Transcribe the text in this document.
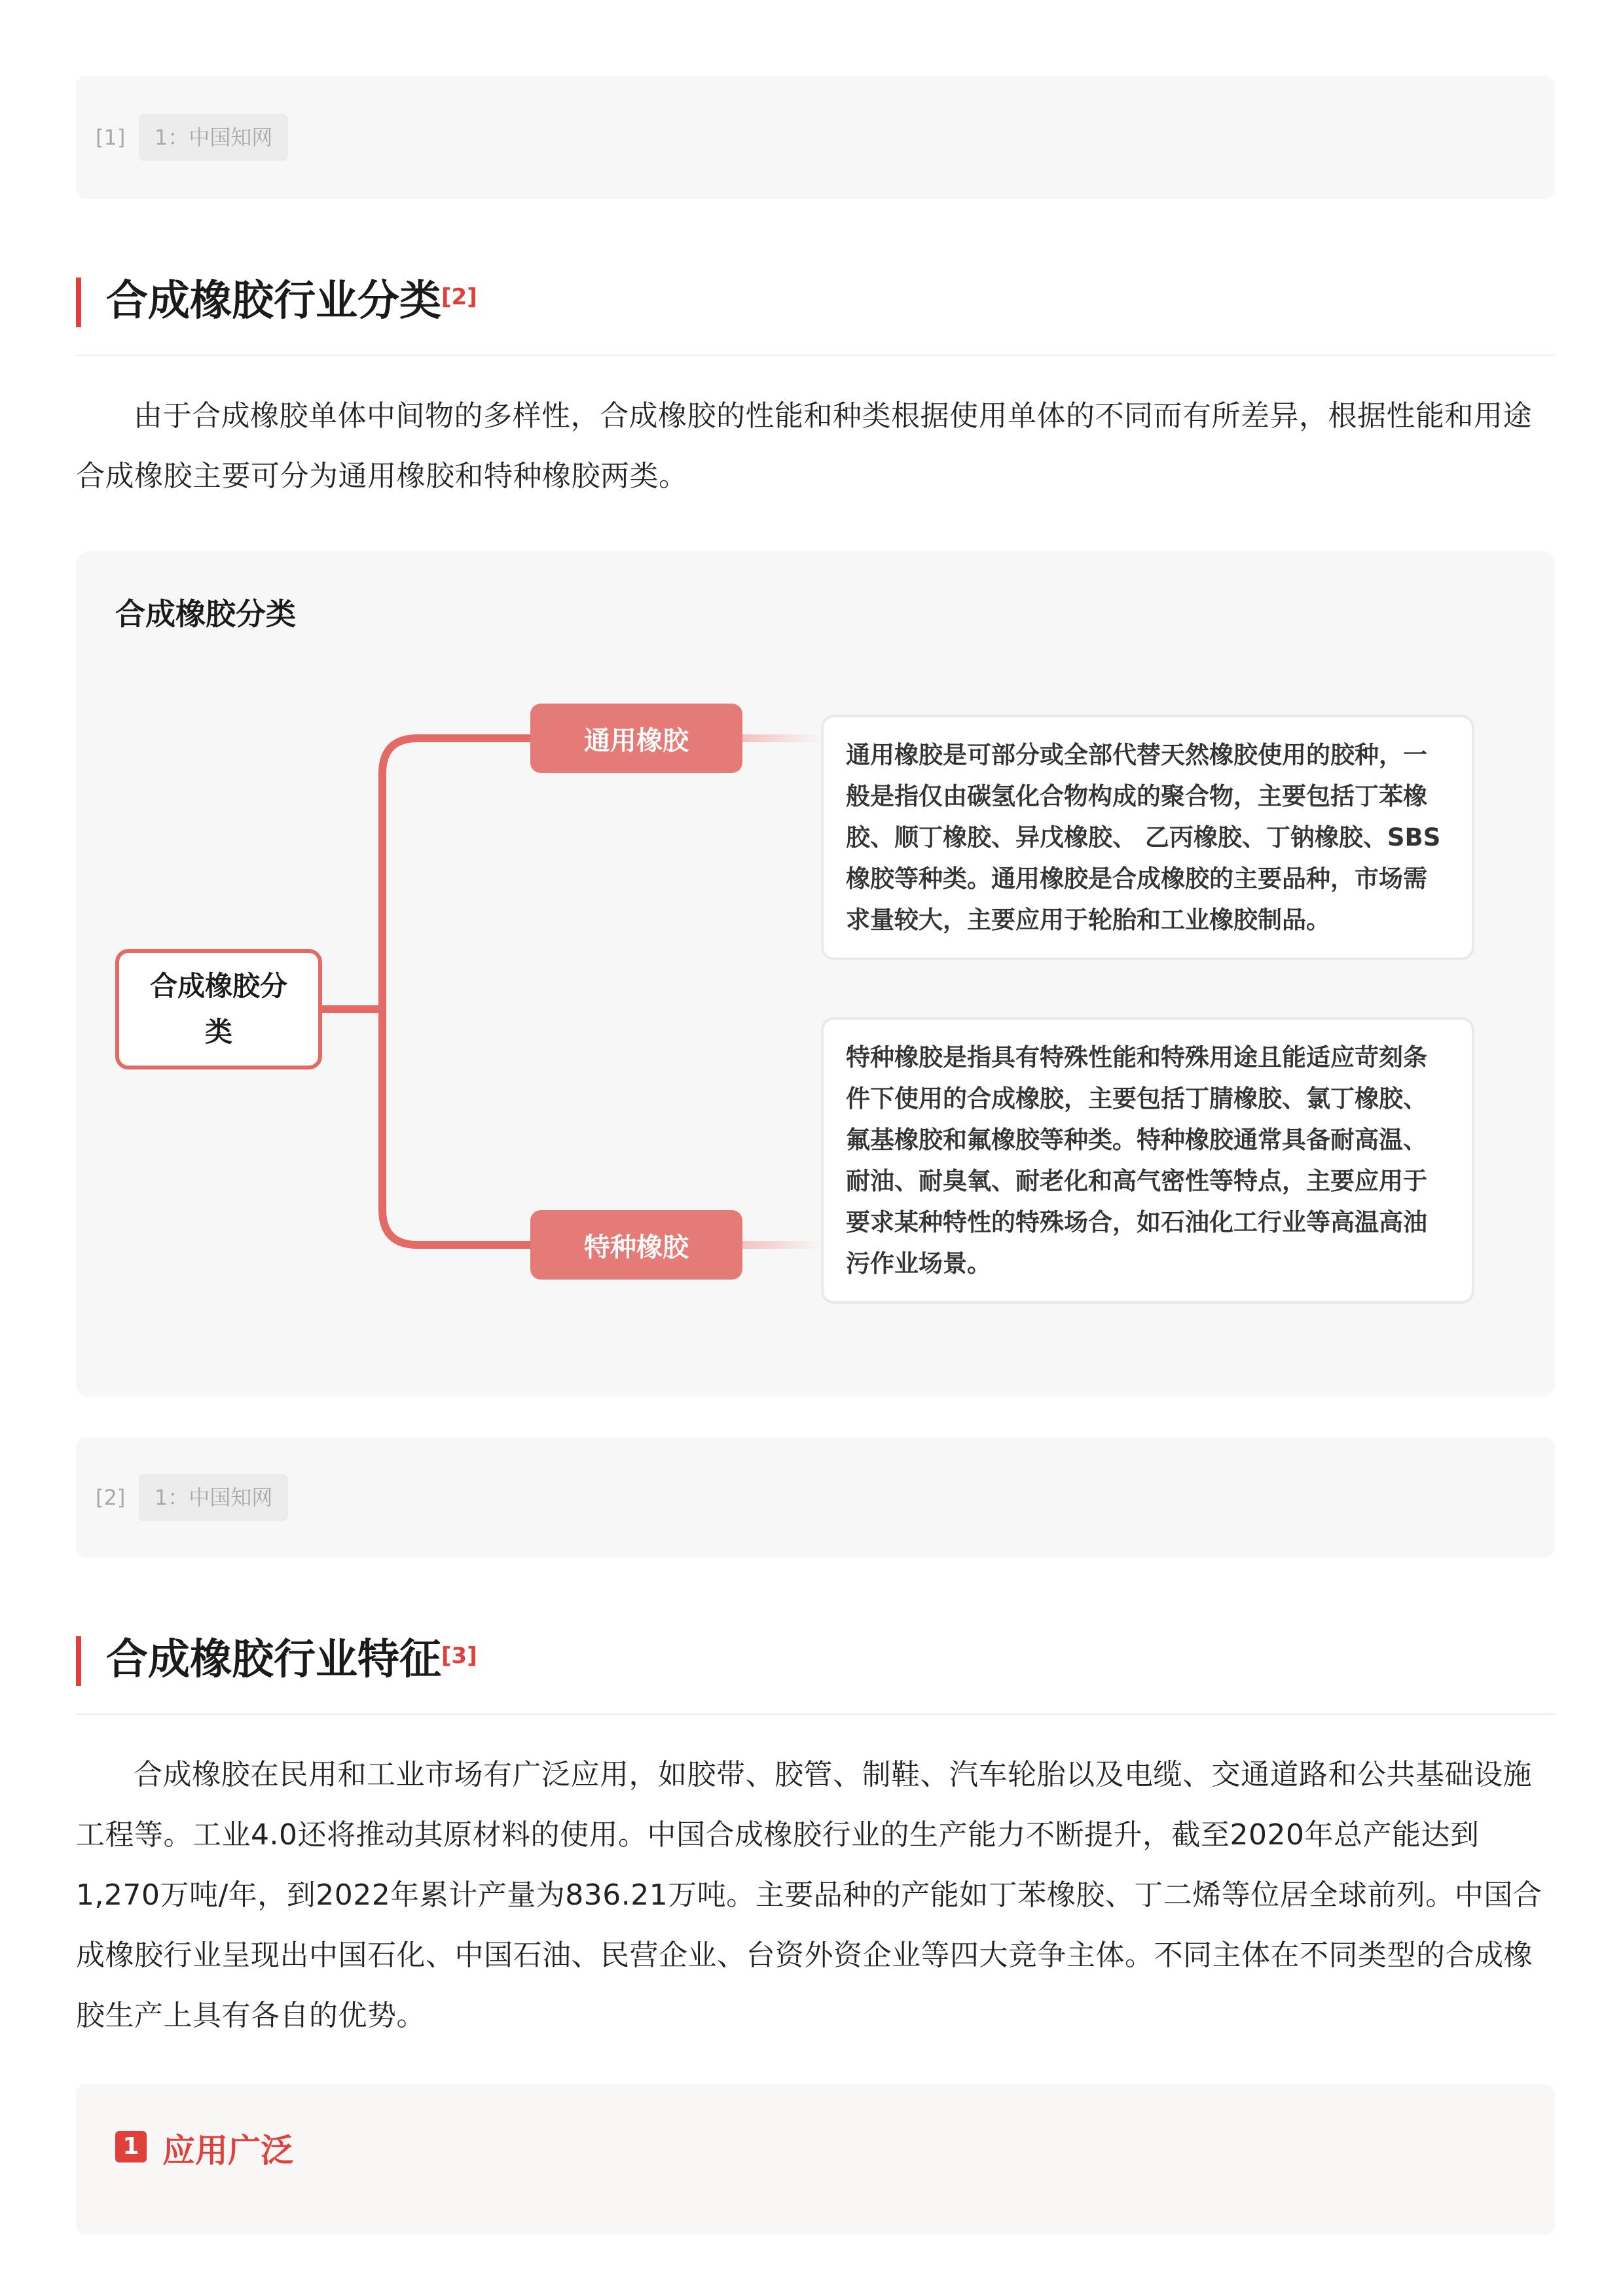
[1]	1：中国知网
合成橡胶行业分类[2]

由于合成橡胶单体中间物的多样性，合成橡胶的性能和种类根据使用单体的不同而有所差异，根据性能和用途合成橡胶主要可分为通用橡胶和特种橡胶两类。

合成橡胶分类
合成橡胶分类
通用橡胶
特种橡胶

通用橡胶是可部分或全部代替天然橡胶使用的胶种，一般是指仅由碳氢化合物构成的聚合物，主要包括丁苯橡胶、顺丁橡胶、异戊橡胶、 乙丙橡胶、丁钠橡胶、SBS橡胶等种类。通用橡胶是合成橡胶的主要品种，市场需求量较大，主要应用于轮胎和工业橡胶制品。

特种橡胶是指具有特殊性能和特殊用途且能适应苛刻条件下使用的合成橡胶，主要包括丁腈橡胶、氯丁橡胶、氟基橡胶和氟橡胶等种类。特种橡胶通常具备耐高温、耐油、耐臭氧、耐老化和高气密性等特点，主要应用于要求某种特性的特殊场合，如石油化工行业等高温高油污作业场景。

[2]	1：中国知网
合成橡胶行业特征[3]

合成橡胶在民用和工业市场有广泛应用，如胶带、胶管、制鞋、汽车轮胎以及电缆、交通道路和公共基础设施工程等。工业4.0还将推动其原材料的使用。中国合成橡胶行业的生产能力不断提升，截至2020年总产能达到1,270万吨/年，到2022年累计产量为836.21万吨。主要品种的产能如丁苯橡胶、丁二烯等位居全球前列。中国合成橡胶行业呈现出中国石化、中国石油、民营企业、台资外资企业等四大竞争主体。不同主体在不同类型的合成橡胶生产上具有各自的优势。

1 应用广泛
